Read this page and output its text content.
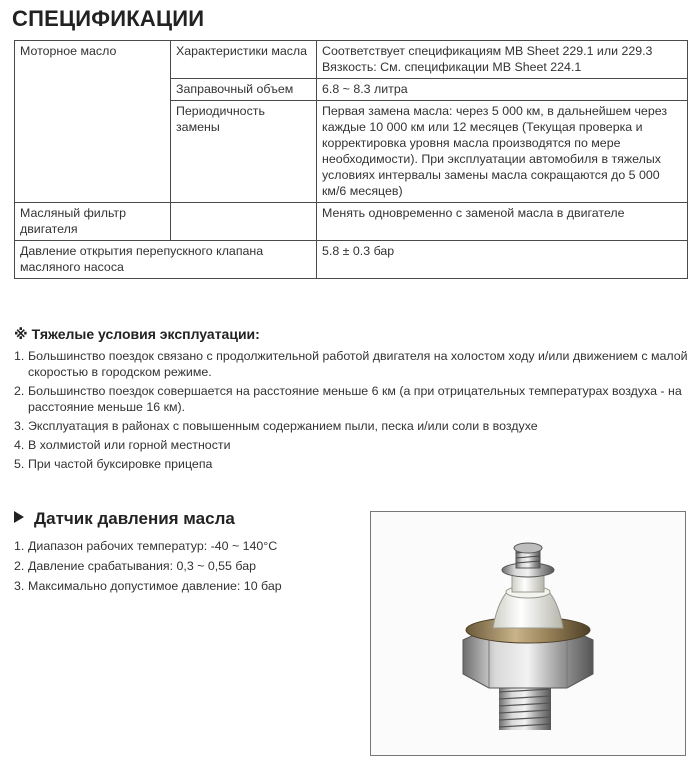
СПЕЦИФИКАЦИИ
Моторное масло	Характеристики масла	Соответствует спецификациям MB Sheet 229.1 или 229.3
Вязкость: См. спецификации MB Sheet 224.1

	Заправочный объем	6.8 ~ 8.3 литра
	Периодичность замены	Первая замена масла: через 5 000 км, в дальнейшем через каждые 10 000 км или 12 месяцев (Текущая проверка и корректировка уровня масла производятся по мере необходимости). При эксплуатации автомобиля в тяжелых условиях интервалы замены масла сокращаются до 5 000 км/6 месяцев)
Масляный фильтр двигателя		Менять одновременно с заменой масла в двигателе
Давление открытия перепускного клапана масляного насоса		5.8 ± 0.3 бар
※ Тяжелые условия эксплуатации:
1. Большинство поездок связано с продолжительной работой двигателя на холостом ходу и/или движением с малой скоростью в городском режиме.
2. Большинство поездок совершается на расстояние меньше 6 км (а при отрицательных температурах воздуха - на расстояние меньше 16 км).
3. Эксплуатация в районах с повышенным содержанием пыли, песка и/или соли в воздухе
4. В холмистой или горной местности
5. При частой буксировке прицепа
Датчик давления масла
1. Диапазон рабочих температур: -40 ~ 140°C
2. Давление срабатывания: 0,3 ~ 0,55 бар
3. Максимально допустимое давление: 10 бар
